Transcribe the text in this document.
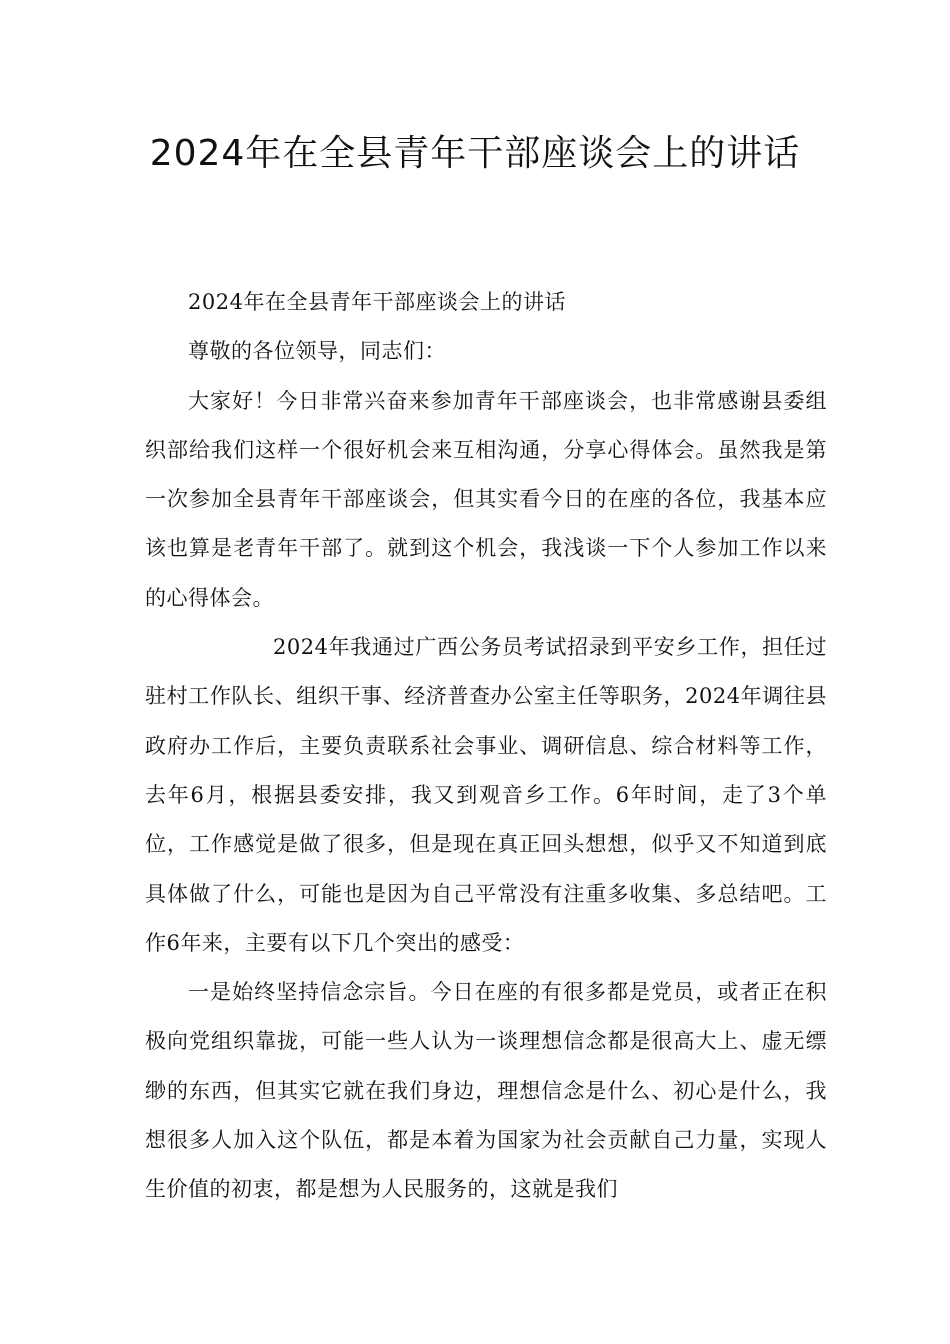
2024年在全县青年干部座谈会上的讲话

2024年在全县青年干部座谈会上的讲话

尊敬的各位领导，同志们：

大家好！今日非常兴奋来参加青年干部座谈会，也非常感谢县委组织部给我们这样一个很好机会来互相沟通，分享心得体会。虽然我是第一次参加全县青年干部座谈会，但其实看今日的在座的各位，我基本应该也算是老青年干部了。就到这个机会，我浅谈一下个人参加工作以来的心得体会。

2024年我通过广西公务员考试招录到平安乡工作，担任过驻村工作队长、组织干事、经济普查办公室主任等职务，2024年调往县政府办工作后，主要负责联系社会事业、调研信息、综合材料等工作，去年6月，根据县委安排，我又到观音乡工作。6年时间，走了3个单位，工作感觉是做了很多，但是现在真正回头想想，似乎又不知道到底具体做了什么，可能也是因为自己平常没有注重多收集、多总结吧。工作6年来，主要有以下几个突出的感受：

一是始终坚持信念宗旨。今日在座的有很多都是党员，或者正在积极向党组织靠拢，可能一些人认为一谈理想信念都是很高大上、虚无缥缈的东西，但其实它就在我们身边，理想信念是什么、初心是什么，我想很多人加入这个队伍，都是本着为国家为社会贡献自己力量，实现人生价值的初衷，都是想为人民服务的，这就是我们
